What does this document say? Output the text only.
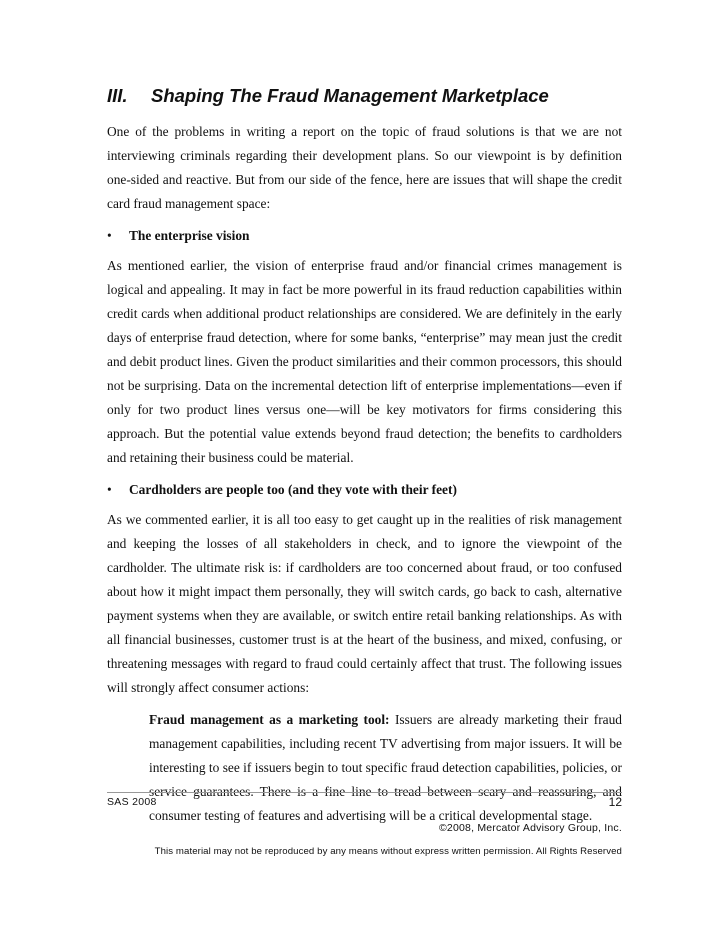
III.	Shaping The Fraud Management Marketplace

One of the problems in writing a report on the topic of fraud solutions is that we are not interviewing criminals regarding their development plans. So our viewpoint is by definition one-sided and reactive. But from our side of the fence, here are issues that will shape the credit card fraud management space:

•	The enterprise vision

As mentioned earlier, the vision of enterprise fraud and/or financial crimes management is logical and appealing. It may in fact be more powerful in its fraud reduction capabilities within credit cards when additional product relationships are considered. We are definitely in the early days of enterprise fraud detection, where for some banks, “enterprise” may mean just the credit and debit product lines. Given the product similarities and their common processors, this should not be surprising. Data on the incremental detection lift of enterprise implementations—even if only for two product lines versus one—will be key motivators for firms considering this approach. But the potential value extends beyond fraud detection; the benefits to cardholders and retaining their business could be material.

•	Cardholders are people too (and they vote with their feet)

As we commented earlier, it is all too easy to get caught up in the realities of risk management and keeping the losses of all stakeholders in check, and to ignore the viewpoint of the cardholder. The ultimate risk is: if cardholders are too concerned about fraud, or too confused about how it might impact them personally, they will switch cards, go back to cash, alternative payment systems when they are available, or switch entire retail banking relationships. As with all financial businesses, customer trust is at the heart of the business, and mixed, confusing, or threatening messages with regard to fraud could certainly affect that trust. The following issues will strongly affect consumer actions:

Fraud management as a marketing tool: Issuers are already marketing their fraud management capabilities, including recent TV advertising from major issuers. It will be interesting to see if issuers begin to tout specific fraud detection capabilities, policies, or service guarantees. There is a fine line to tread between scary and reassuring, and consumer testing of features and advertising will be a critical developmental stage.

SAS 2008	12
©2008, Mercator Advisory Group, Inc.
This material may not be reproduced by any means without express written permission. All Rights Reserved
